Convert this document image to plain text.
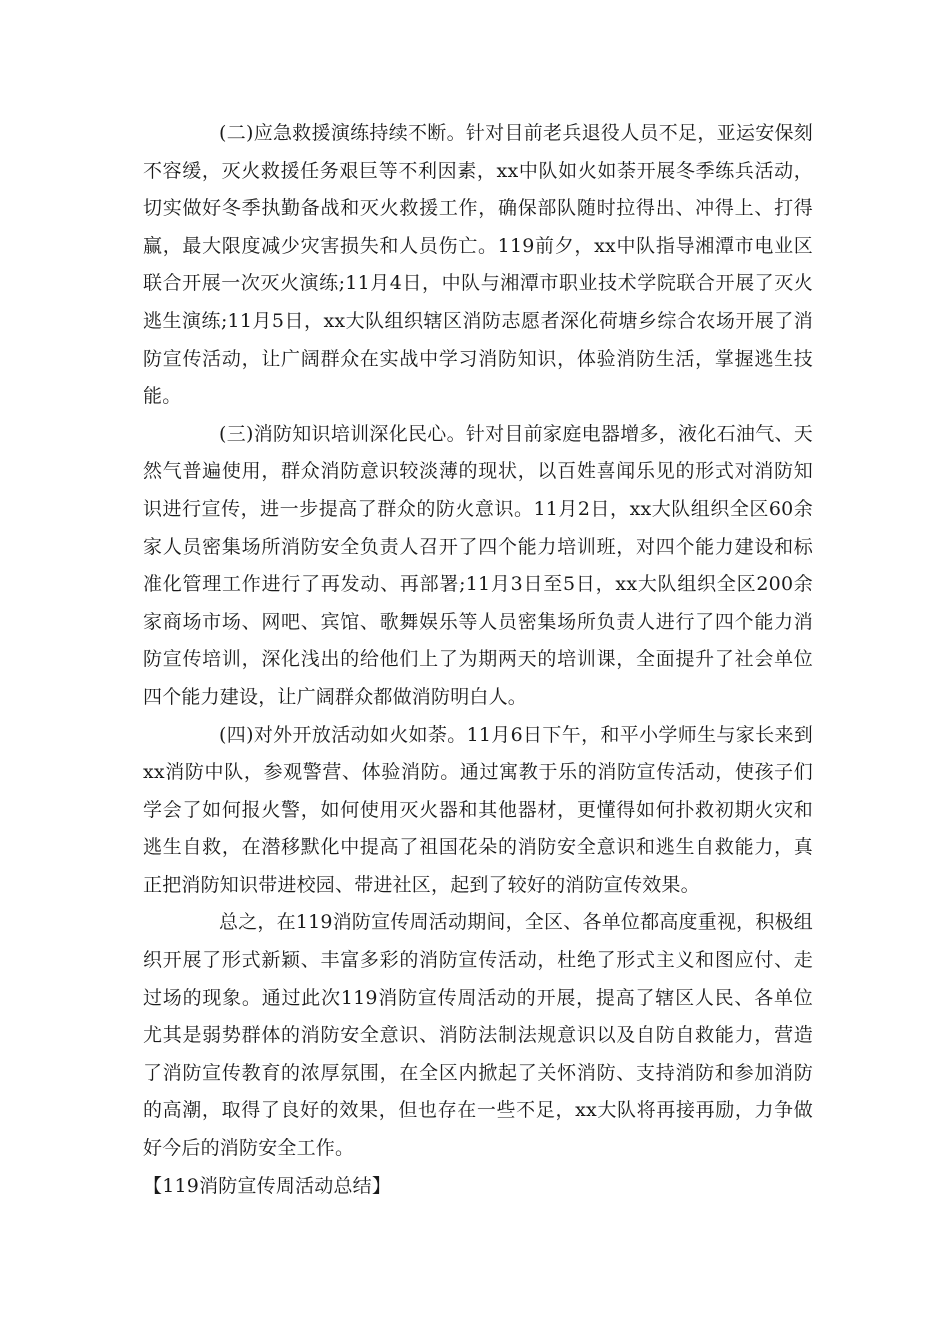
(二)应急救援演练持续不断。针对目前老兵退役人员不足，亚运安保刻不容缓，灭火救援任务艰巨等不利因素，xx中队如火如荼开展冬季练兵活动，切实做好冬季执勤备战和灭火救援工作，确保部队随时拉得出、冲得上、打得赢，最大限度减少灾害损失和人员伤亡。119前夕，xx中队指导湘潭市电业区联合开展一次灭火演练;11月4日，中队与湘潭市职业技术学院联合开展了灭火逃生演练;11月5日，xx大队组织辖区消防志愿者深化荷塘乡综合农场开展了消防宣传活动，让广阔群众在实战中学习消防知识，体验消防生活，掌握逃生技能。

(三)消防知识培训深化民心。针对目前家庭电器增多，液化石油气、天然气普遍使用，群众消防意识较淡薄的现状，以百姓喜闻乐见的形式对消防知识进行宣传，进一步提高了群众的防火意识。11月2日，xx大队组织全区60余家人员密集场所消防安全负责人召开了四个能力培训班，对四个能力建设和标准化管理工作进行了再发动、再部署;11月3日至5日，xx大队组织全区200余家商场市场、网吧、宾馆、歌舞娱乐等人员密集场所负责人进行了四个能力消防宣传培训，深化浅出的给他们上了为期两天的培训课，全面提升了社会单位四个能力建设，让广阔群众都做消防明白人。

(四)对外开放活动如火如荼。11月6日下午，和平小学师生与家长来到xx消防中队，参观警营、体验消防。通过寓教于乐的消防宣传活动，使孩子们学会了如何报火警，如何使用灭火器和其他器材，更懂得如何扑救初期火灾和逃生自救，在潜移默化中提高了祖国花朵的消防安全意识和逃生自救能力，真正把消防知识带进校园、带进社区，起到了较好的消防宣传效果。

总之，在119消防宣传周活动期间，全区、各单位都高度重视，积极组织开展了形式新颖、丰富多彩的消防宣传活动，杜绝了形式主义和图应付、走过场的现象。通过此次119消防宣传周活动的开展，提高了辖区人民、各单位尤其是弱势群体的消防安全意识、消防法制法规意识以及自防自救能力，营造了消防宣传教育的浓厚氛围，在全区内掀起了关怀消防、支持消防和参加消防的高潮，取得了良好的效果，但也存在一些不足，xx大队将再接再励，力争做好今后的消防安全工作。

【119消防宣传周活动总结】
